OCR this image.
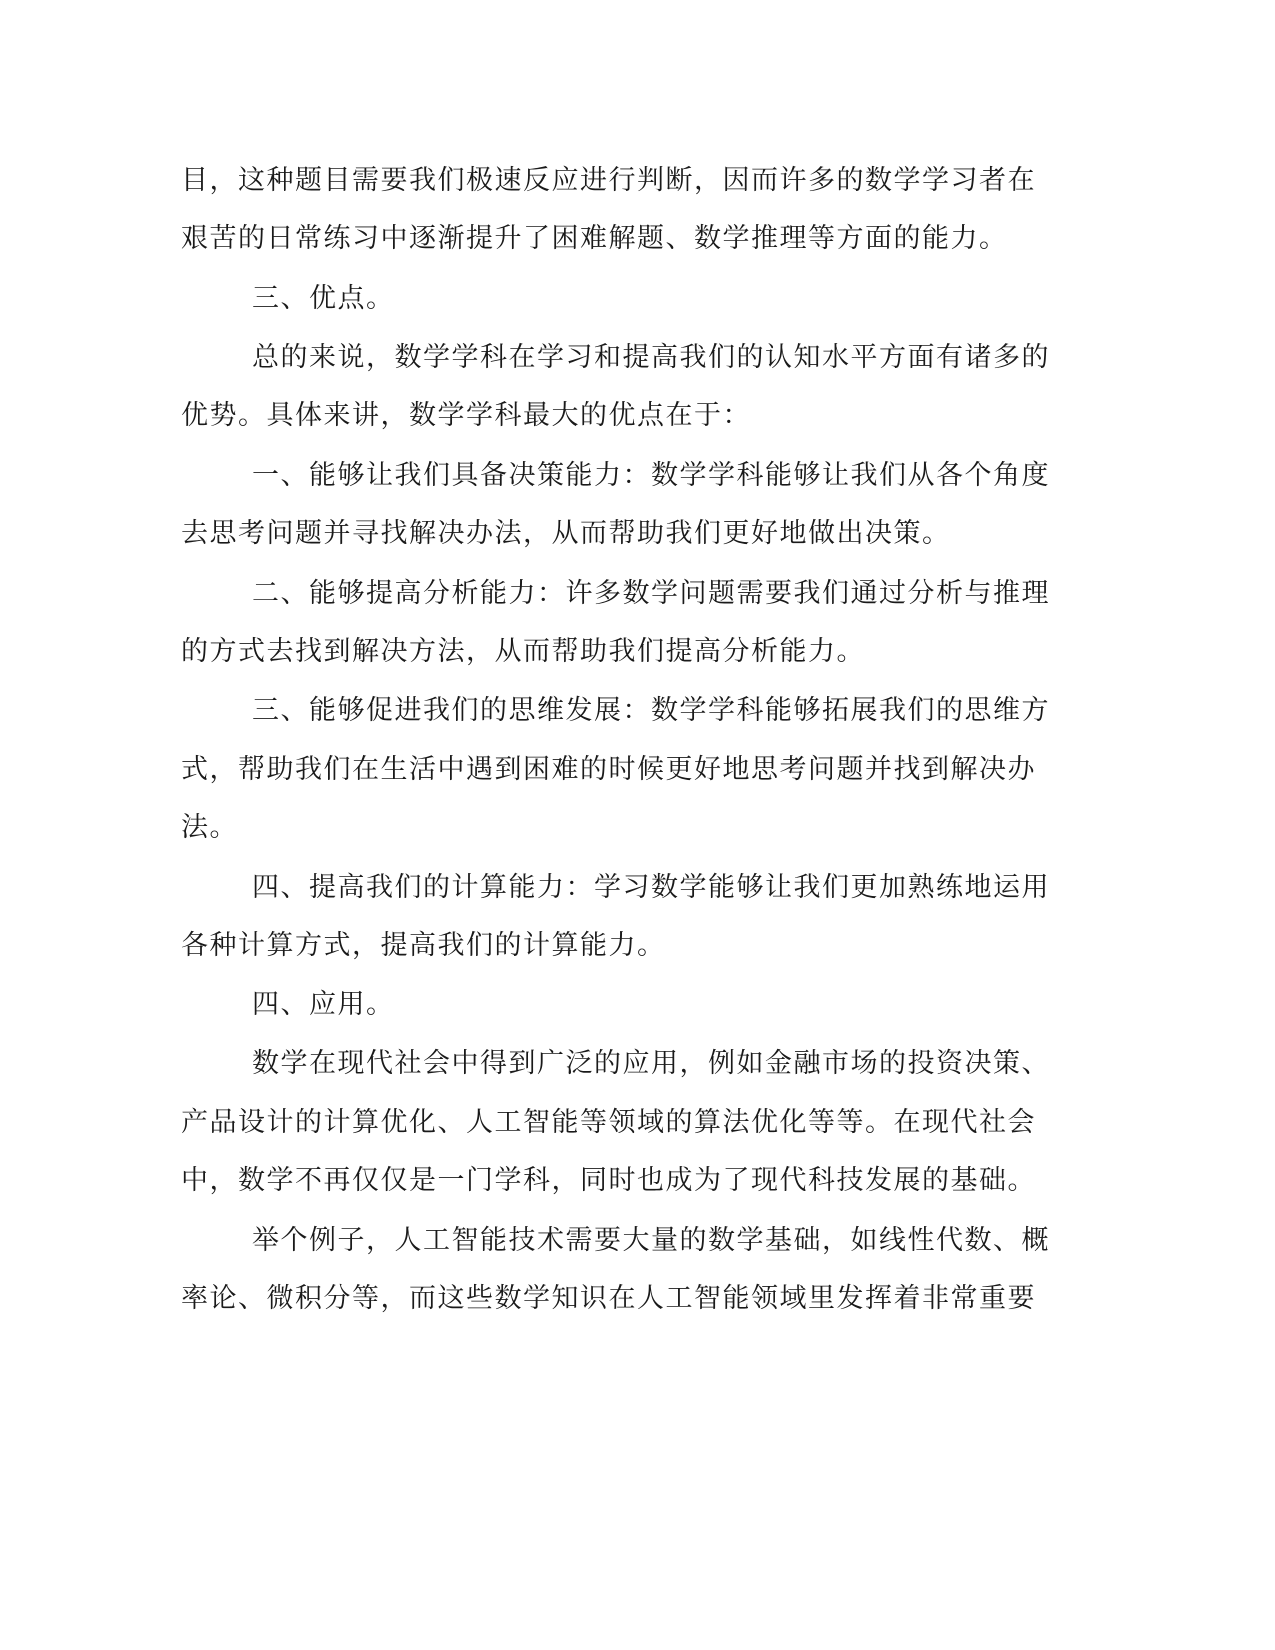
目，这种题目需要我们极速反应进行判断，因而许多的数学学习者在
艰苦的日常练习中逐渐提升了困难解题、数学推理等方面的能力。
三、优点。
总的来说，数学学科在学习和提高我们的认知水平方面有诸多的
优势。具体来讲，数学学科最大的优点在于：
一、能够让我们具备决策能力：数学学科能够让我们从各个角度
去思考问题并寻找解决办法，从而帮助我们更好地做出决策。
二、能够提高分析能力：许多数学问题需要我们通过分析与推理
的方式去找到解决方法，从而帮助我们提高分析能力。
三、能够促进我们的思维发展：数学学科能够拓展我们的思维方
式，帮助我们在生活中遇到困难的时候更好地思考问题并找到解决办
法。
四、提高我们的计算能力：学习数学能够让我们更加熟练地运用
各种计算方式，提高我们的计算能力。
四、应用。
数学在现代社会中得到广泛的应用，例如金融市场的投资决策、
产品设计的计算优化、人工智能等领域的算法优化等等。在现代社会
中，数学不再仅仅是一门学科，同时也成为了现代科技发展的基础。
举个例子，人工智能技术需要大量的数学基础，如线性代数、概
率论、微积分等，而这些数学知识在人工智能领域里发挥着非常重要
